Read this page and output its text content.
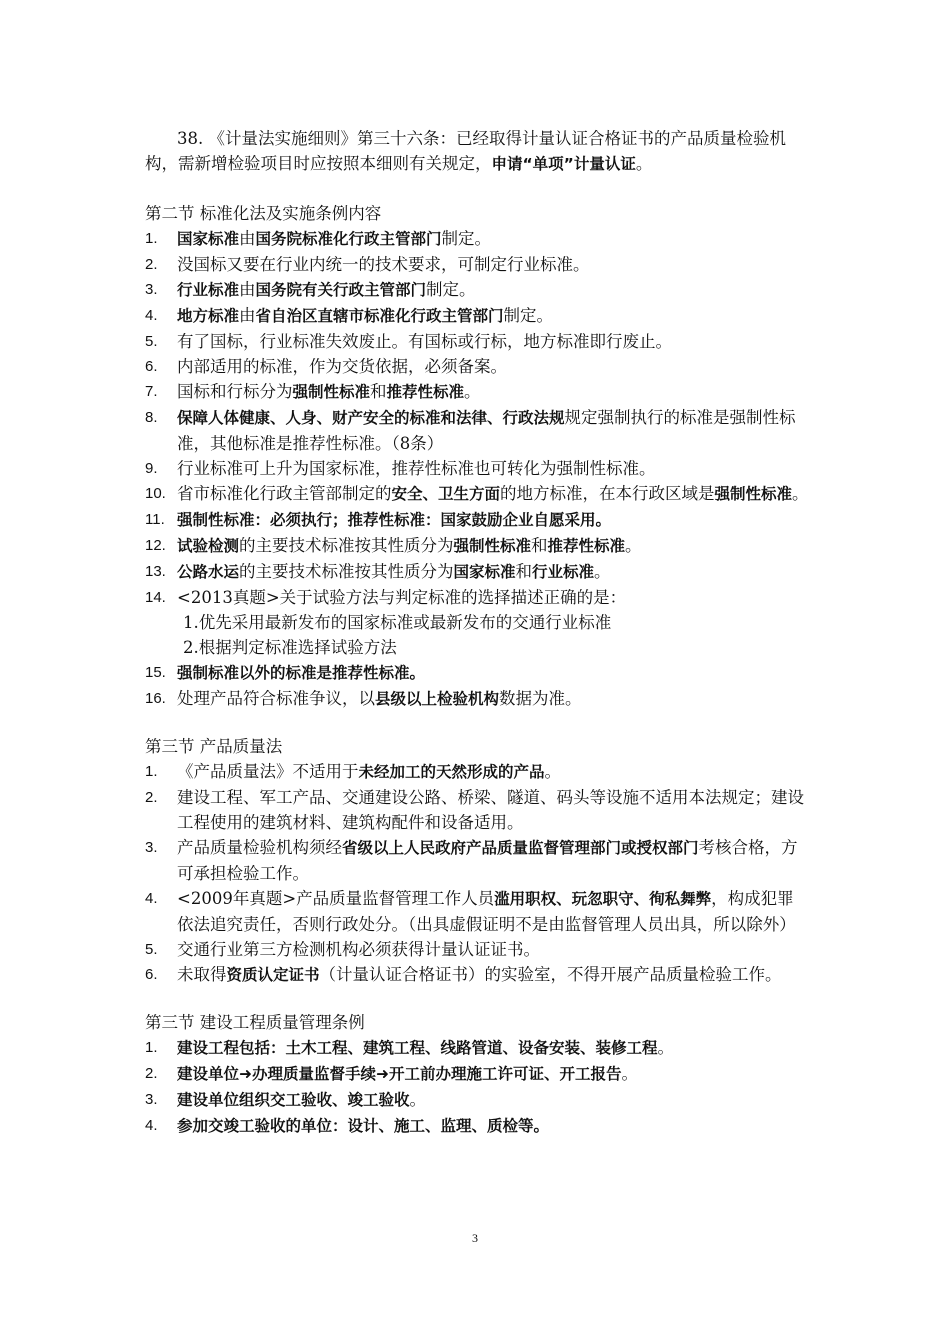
38. 《计量法实施细则》第三十六条：已经取得计量认证合格证书的产品质量检验机构，需新增检验项目时应按照本细则有关规定，申请“单项”计量认证。

第二节 标准化法及实施条例内容

1. 国家标准由国务院标准化行政主管部门制定。
2. 没国标又要在行业内统一的技术要求，可制定行业标准。
3. 行业标准由国务院有关行政主管部门制定。
4. 地方标准由省自治区直辖市标准化行政主管部门制定。
5. 有了国标，行业标准失效废止。有国标或行标，地方标准即行废止。
6. 内部适用的标准，作为交货依据，必须备案。
7. 国标和行标分为强制性标准和推荐性标准。
8. 保障人体健康、人身、财产安全的标准和法律、行政法规规定强制执行的标准是强制性标准，其他标准是推荐性标准。（8条）
9. 行业标准可上升为国家标准，推荐性标准也可转化为强制性标准。
10. 省市标准化行政主管部制定的安全、卫生方面的地方标准，在本行政区域是强制性标准。
11. 强制性标准：必须执行；推荐性标准：国家鼓励企业自愿采用。
12. 试验检测的主要技术标准按其性质分为强制性标准和推荐性标准。
13. 公路水运的主要技术标准按其性质分为国家标准和行业标准。
14. <2013真题>关于试验方法与判定标准的选择描述正确的是：
1.优先采用最新发布的国家标准或最新发布的交通行业标准
2.根据判定标准选择试验方法
15. 强制标准以外的标准是推荐性标准。
16. 处理产品符合标准争议，以县级以上检验机构数据为准。

第三节 产品质量法

1. 《产品质量法》不适用于未经加工的天然形成的产品。
2. 建设工程、军工产品、交通建设公路、桥梁、隧道、码头等设施不适用本法规定；建设工程使用的建筑材料、建筑构配件和设备适用。
3. 产品质量检验机构须经省级以上人民政府产品质量监督管理部门或授权部门考核合格，方可承担检验工作。
4. <2009年真题>产品质量监督管理工作人员滥用职权、玩忽职守、徇私舞弊，构成犯罪依法追究责任，否则行政处分。（出具虚假证明不是由监督管理人员出具，所以除外）
5. 交通行业第三方检测机构必须获得计量认证证书。
6. 未取得资质认定证书（计量认证合格证书）的实验室，不得开展产品质量检验工作。

第三节 建设工程质量管理条例

1. 建设工程包括：土木工程、建筑工程、线路管道、设备安装、装修工程。
2. 建设单位➜办理质量监督手续➜开工前办理施工许可证、开工报告。
3. 建设单位组织交工验收、竣工验收。
4. 参加交竣工验收的单位：设计、施工、监理、质检等。
3
